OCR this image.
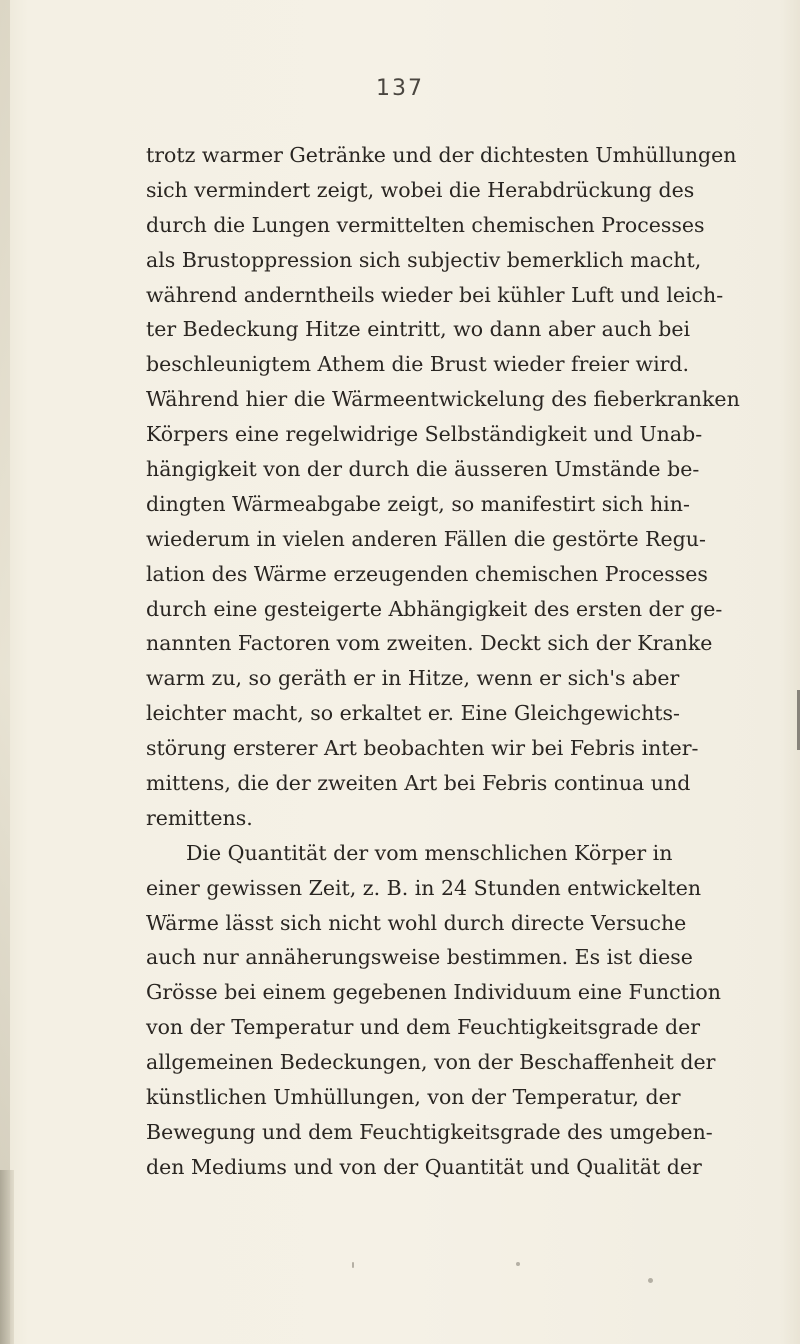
137
trotz warmer Getränke und der dichtesten Umhüllungen
sich vermindert zeigt, wobei die Herabdrückung des
durch die Lungen vermittelten chemischen Processes
als Brustoppression sich subjectiv bemerklich macht,
während anderntheils wieder bei kühler Luft und leich-
ter Bedeckung Hitze eintritt, wo dann aber auch bei
beschleunigtem Athem die Brust wieder freier wird.
Während hier die Wärmeentwickelung des fieberkranken
Körpers eine regelwidrige Selbständigkeit und Unab-
hängigkeit von der durch die äusseren Umstände be-
dingten Wärmeabgabe zeigt, so manifestirt sich hin-
wiederum in vielen anderen Fällen die gestörte Regu-
lation des Wärme erzeugenden chemischen Processes
durch eine gesteigerte Abhängigkeit des ersten der ge-
nannten Factoren vom zweiten. Deckt sich der Kranke
warm zu, so geräth er in Hitze, wenn er sich's aber
leichter macht, so erkaltet er. Eine Gleichgewichts-
störung ersterer Art beobachten wir bei Febris inter-
mittens, die der zweiten Art bei Febris continua und
remittens.
Die Quantität der vom menschlichen Körper in
einer gewissen Zeit, z. B. in 24 Stunden entwickelten
Wärme lässt sich nicht wohl durch directe Versuche
auch nur annäherungsweise bestimmen. Es ist diese
Grösse bei einem gegebenen Individuum eine Function
von der Temperatur und dem Feuchtigkeitsgrade der
allgemeinen Bedeckungen, von der Beschaffenheit der
künstlichen Umhüllungen, von der Temperatur, der
Bewegung und dem Feuchtigkeitsgrade des umgeben-
den Mediums und von der Quantität und Qualität der
